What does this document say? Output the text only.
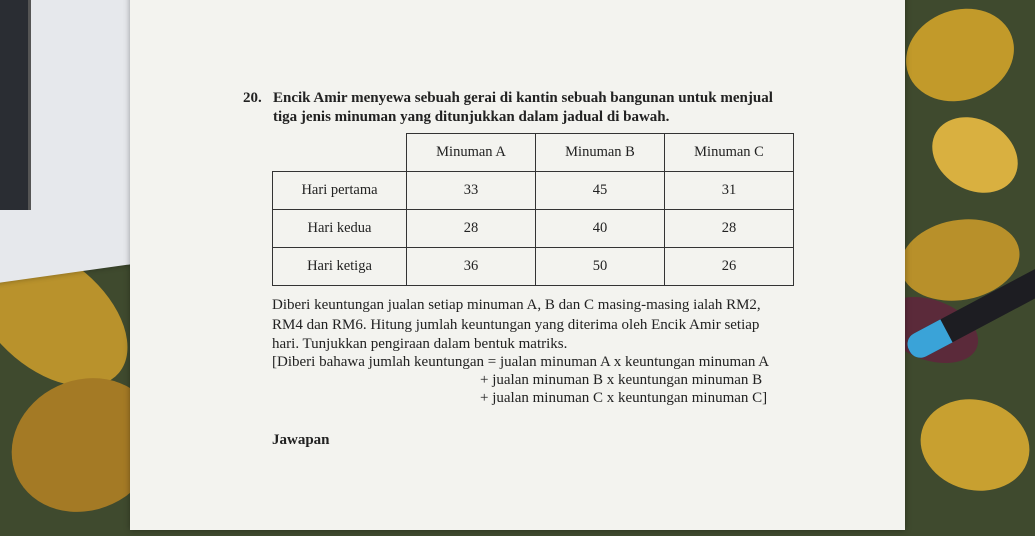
20. Encik Amir menyewa sebuah gerai di kantin sebuah bangunan untuk menjual
tiga jenis minuman yang ditunjukkan dalam jadual di bawah.
	Minuman A	Minuman B	Minuman C
Hari pertama	33	45	31
Hari kedua	28	40	28
Hari ketiga	36	50	26
Diberi keuntungan jualan setiap minuman A, B dan C masing-masing ialah RM2,
RM4 dan RM6. Hitung jumlah keuntungan yang diterima oleh Encik Amir setiap
hari. Tunjukkan pengiraan dalam bentuk matriks.
[Diberi bahawa jumlah keuntungan = jualan minuman A x keuntungan minuman A
+ jualan minuman B x keuntungan minuman B
+ jualan minuman C x keuntungan minuman C]
Jawapan
